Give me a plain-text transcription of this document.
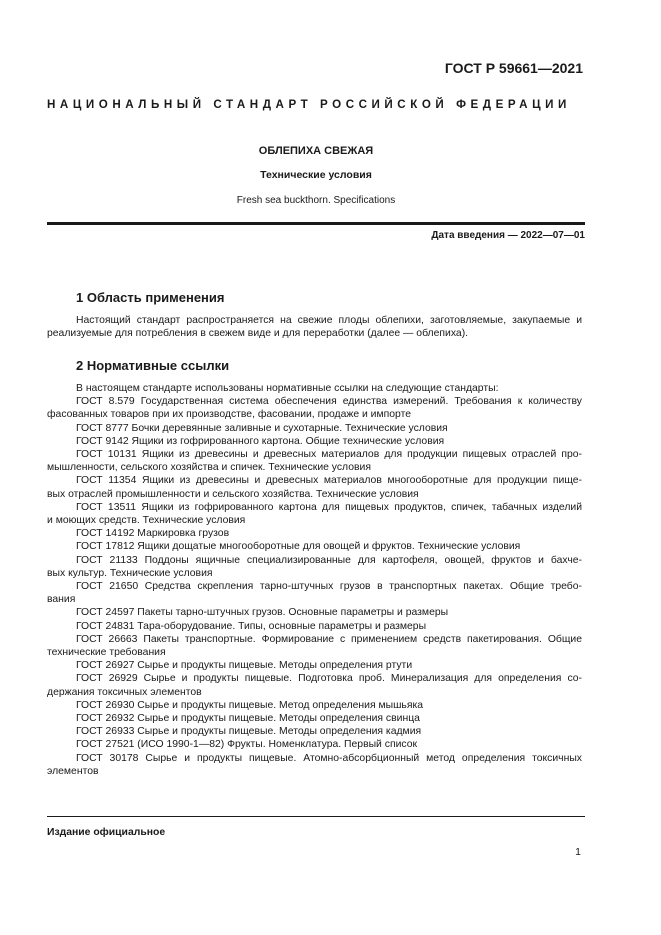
ГОСТ Р 59661—2021
НАЦИОНАЛЬНЫЙ СТАНДАРТ РОССИЙСКОЙ ФЕДЕРАЦИИ
ОБЛЕПИХА СВЕЖАЯ
Технические условия
Fresh sea buckthorn. Specifications
Дата введения — 2022—07—01
1 Область применения
Настоящий стандарт распространяется на свежие плоды облепихи, заготовляемые, закупаемые и
реализуемые для потребления в свежем виде и для переработки (далее — облепиха).
2 Нормативные ссылки
В настоящем стандарте использованы нормативные ссылки на следующие стандарты:
ГОСТ 8.579 Государственная система обеспечения единства измерений. Требования к количеству
фасованных товаров при их производстве, фасовании, продаже и импорте
ГОСТ 8777 Бочки деревянные заливные и сухотарные. Технические условия
ГОСТ 9142 Ящики из гофрированного картона. Общие технические условия
ГОСТ 10131 Ящики из древесины и древесных материалов для продукции пищевых отраслей про-
мышленности, сельского хозяйства и спичек. Технические условия
ГОСТ 11354 Ящики из древесины и древесных материалов многооборотные для продукции пище-
вых отраслей промышленности и сельского хозяйства. Технические условия
ГОСТ 13511 Ящики из гофрированного картона для пищевых продуктов, спичек, табачных изделий
и моющих средств. Технические условия
ГОСТ 14192 Маркировка грузов
ГОСТ 17812 Ящики дощатые многооборотные для овощей и фруктов. Технические условия
ГОСТ 21133 Поддоны ящичные специализированные для картофеля, овощей, фруктов и бахче-
вых культур. Технические условия
ГОСТ 21650 Средства скрепления тарно-штучных грузов в транспортных пакетах. Общие требо-
вания
ГОСТ 24597 Пакеты тарно-штучных грузов. Основные параметры и размеры
ГОСТ 24831 Тара-оборудование. Типы, основные параметры и размеры
ГОСТ 26663 Пакеты транспортные. Формирование с применением средств пакетирования. Общие
технические требования
ГОСТ 26927 Сырье и продукты пищевые. Методы определения ртути
ГОСТ 26929 Сырье и продукты пищевые. Подготовка проб. Минерализация для определения со-
держания токсичных элементов
ГОСТ 26930 Сырье и продукты пищевые. Метод определения мышьяка
ГОСТ 26932 Сырье и продукты пищевые. Методы определения свинца
ГОСТ 26933 Сырье и продукты пищевые. Методы определения кадмия
ГОСТ 27521 (ИСО 1990-1—82) Фрукты. Номенклатура. Первый список
ГОСТ 30178 Сырье и продукты пищевые. Атомно-абсорбционный метод определения токсичных
элементов
Издание официальное
1
